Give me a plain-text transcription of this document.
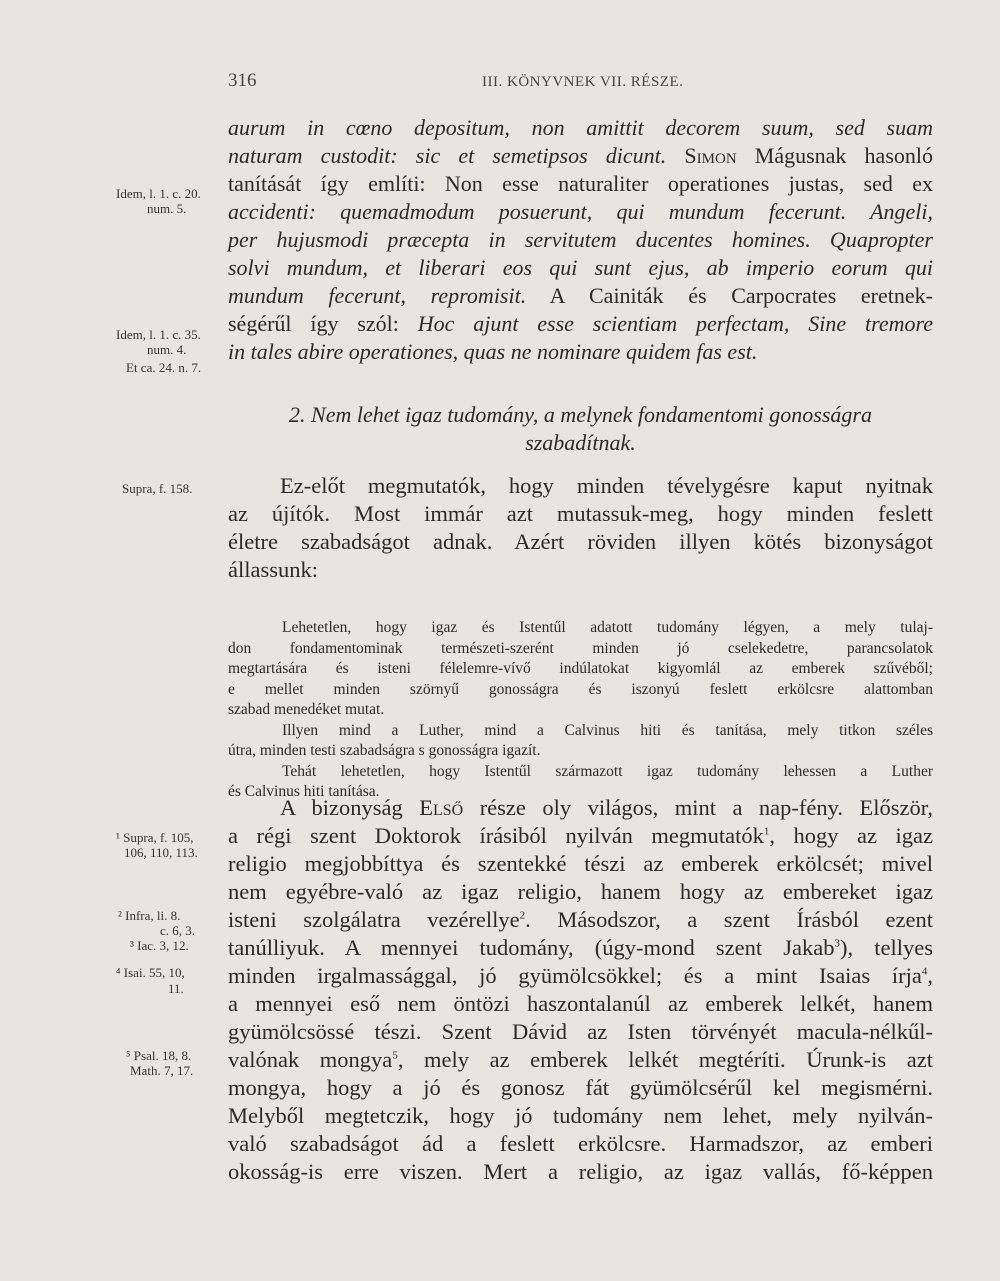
316	III. KÖNYVNEK VII. RÉSZE.
Idem, l. 1. c. 20.
num. 5.
Idem, l. 1. c. 35.
num. 4.
Et ca. 24. n. 7.
Supra, f. 158.
¹ Supra, f. 105,
106, 110, 113.
² Infra, li. 8.
c. 6, 3.
³ Iac. 3, 12.
⁴ Isai. 55, 10,
11.
⁵ Psal. 18, 8.
Math. 7, 17.
aurum in cœno depositum, non amittit decorem suum, sed suam
naturam custodit: sic et semetipsos dicunt. Simon Mágusnak hasonló
tanítását így említi: Non esse naturaliter operationes justas, sed ex
accidenti: quemadmodum posuerunt, qui mundum fecerunt. Angeli,
per hujusmodi præcepta in servitutem ducentes homines. Quapropter
solvi mundum, et liberari eos qui sunt ejus, ab imperio eorum qui
mundum fecerunt, repromisit. A Cainiták és Carpocrates eretnek-
ségérűl így szól: Hoc ajunt esse scientiam perfectam, Sine tremore
in tales abire operationes, quas ne nominare quidem fas est.
2. Nem lehet igaz tudomány, a melynek fondamentomi gonosságra
szabadítnak.
Ez-előt megmutatók, hogy minden tévelygésre kaput nyitnak
az újítók. Most immár azt mutassuk-meg, hogy minden feslett
életre szabadságot adnak. Azért röviden illyen kötés bizonyságot
állassunk:
Lehetetlen, hogy igaz és Istentűl adatott tudomány légyen, a mely tulaj-
don fondamentominak természeti-szerént minden jó cselekedetre, parancsolatok
megtartására és isteni félelemre-vívő indúlatokat kigyomlál az emberek szűvéből;
e mellet minden szörnyű gonosságra és iszonyú feslett erkölcsre alattomban
szabad menedéket mutat.
Illyen mind a Luther, mind a Calvinus hiti és tanítása, mely titkon széles
útra, minden testi szabadságra s gonosságra igazít.
Tehát lehetetlen, hogy Istentűl származott igaz tudomány lehessen a Luther
és Calvinus hiti tanítása.
A bizonyság Első része oly világos, mint a nap-fény. Először,
a régi szent Doktorok írásiból nyilván megmutatók$^1$, hogy az igaz
religio megjobbíttya és szentekké tészi az emberek erkölcsét; mivel
nem egyébre-való az igaz religio, hanem hogy az embereket igaz
isteni szolgálatra vezérellye$^2$. Másodszor, a szent Írásból ezent
tanúlliyuk. A mennyei tudomány, (úgy-mond szent Jakab$^3$), tellyes
minden irgalmassággal, jó gyümölcsökkel; és a mint Isaias írja$^4$,
a mennyei eső nem öntözi haszontalanúl az emberek lelkét, hanem
gyümölcsössé tészi. Szent Dávid az Isten törvényét macula-nélkűl-
valónak mongya$^5$, mely az emberek lelkét megtéríti. Úrunk-is azt
mongya, hogy a jó és gonosz fát gyümölcsérűl kel megismérni.
Melyből megtetczik, hogy jó tudomány nem lehet, mely nyilván-
való szabadságot ád a feslett erkölcsre. Harmadszor, az emberi
okosság-is erre viszen. Mert a religio, az igaz vallás, fő-képpen
